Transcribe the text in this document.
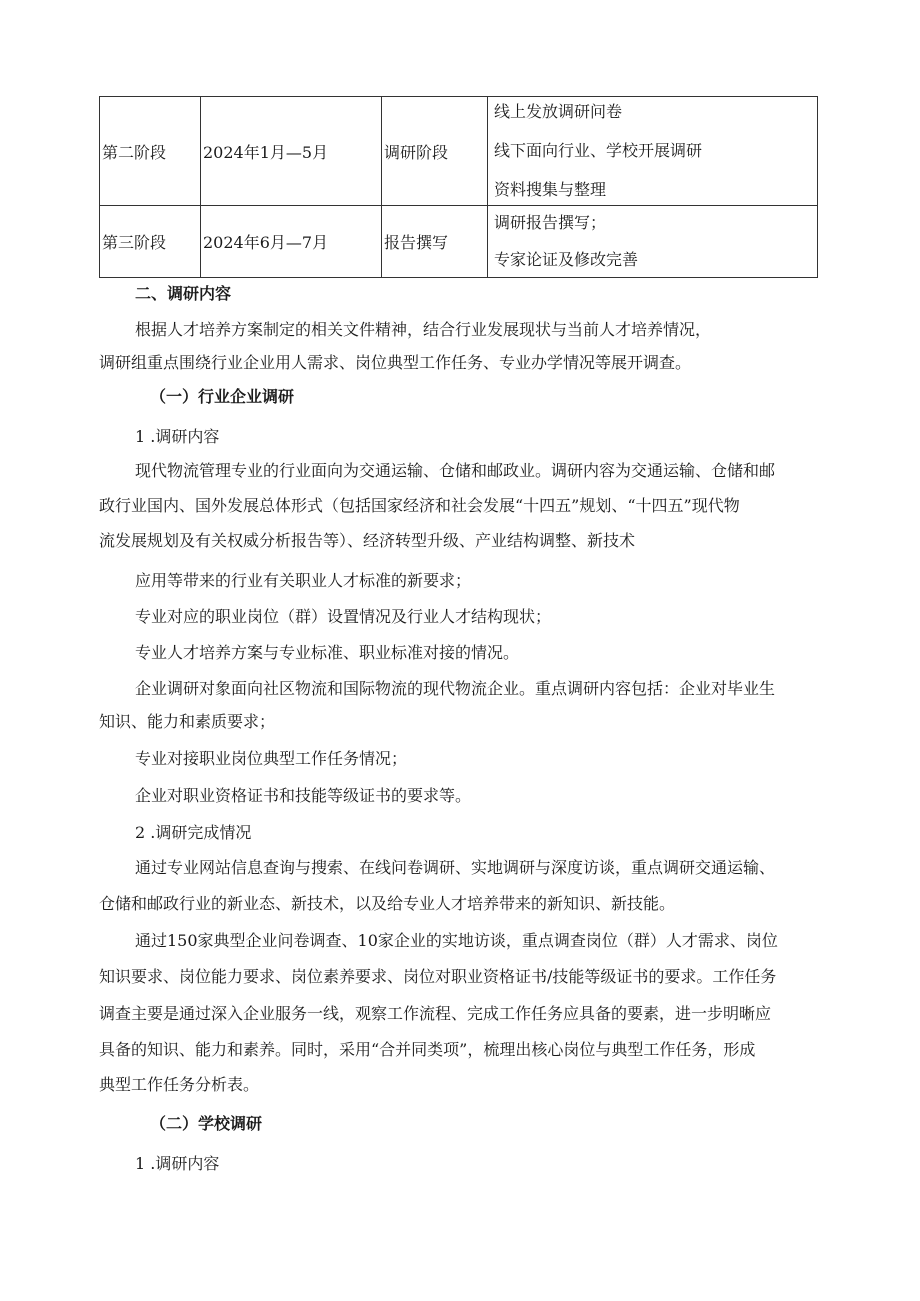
第二阶段	2024年1月—5月	调研阶段	线上发放调研问卷
线下面向行业、学校开展调研
资料搜集与整理

第三阶段	2024年6月—7月	报告撰写	调研报告撰写；
专家论证及修改完善
二、调研内容
根据人才培养方案制定的相关文件精神，结合行业发展现状与当前人才培养情况，
调研组重点围绕行业企业用人需求、岗位典型工作任务、专业办学情况等展开调查。
（一）行业企业调研
1 .调研内容
现代物流管理专业的行业面向为交通运输、仓储和邮政业。调研内容为交通运输、仓储和邮
政行业国内、国外发展总体形式（包括国家经济和社会发展“十四五”规划、“十四五”现代物
流发展规划及有关权威分析报告等）、经济转型升级、产业结构调整、新技术
应用等带来的行业有关职业人才标准的新要求；
专业对应的职业岗位（群）设置情况及行业人才结构现状；
专业人才培养方案与专业标准、职业标准对接的情况。
企业调研对象面向社区物流和国际物流的现代物流企业。重点调研内容包括：企业对毕业生
知识、能力和素质要求；
专业对接职业岗位典型工作任务情况；
企业对职业资格证书和技能等级证书的要求等。
2 .调研完成情况
通过专业网站信息查询与搜索、在线问卷调研、实地调研与深度访谈，重点调研交通运输、
仓储和邮政行业的新业态、新技术，以及给专业人才培养带来的新知识、新技能。
通过150家典型企业问卷调查、10家企业的实地访谈，重点调查岗位（群）人才需求、岗位
知识要求、岗位能力要求、岗位素养要求、岗位对职业资格证书/技能等级证书的要求。工作任务
调查主要是通过深入企业服务一线，观察工作流程、完成工作任务应具备的要素，进一步明晰应
具备的知识、能力和素养。同时，采用“合并同类项”，梳理出核心岗位与典型工作任务，形成
典型工作任务分析表。
（二）学校调研
1 .调研内容
